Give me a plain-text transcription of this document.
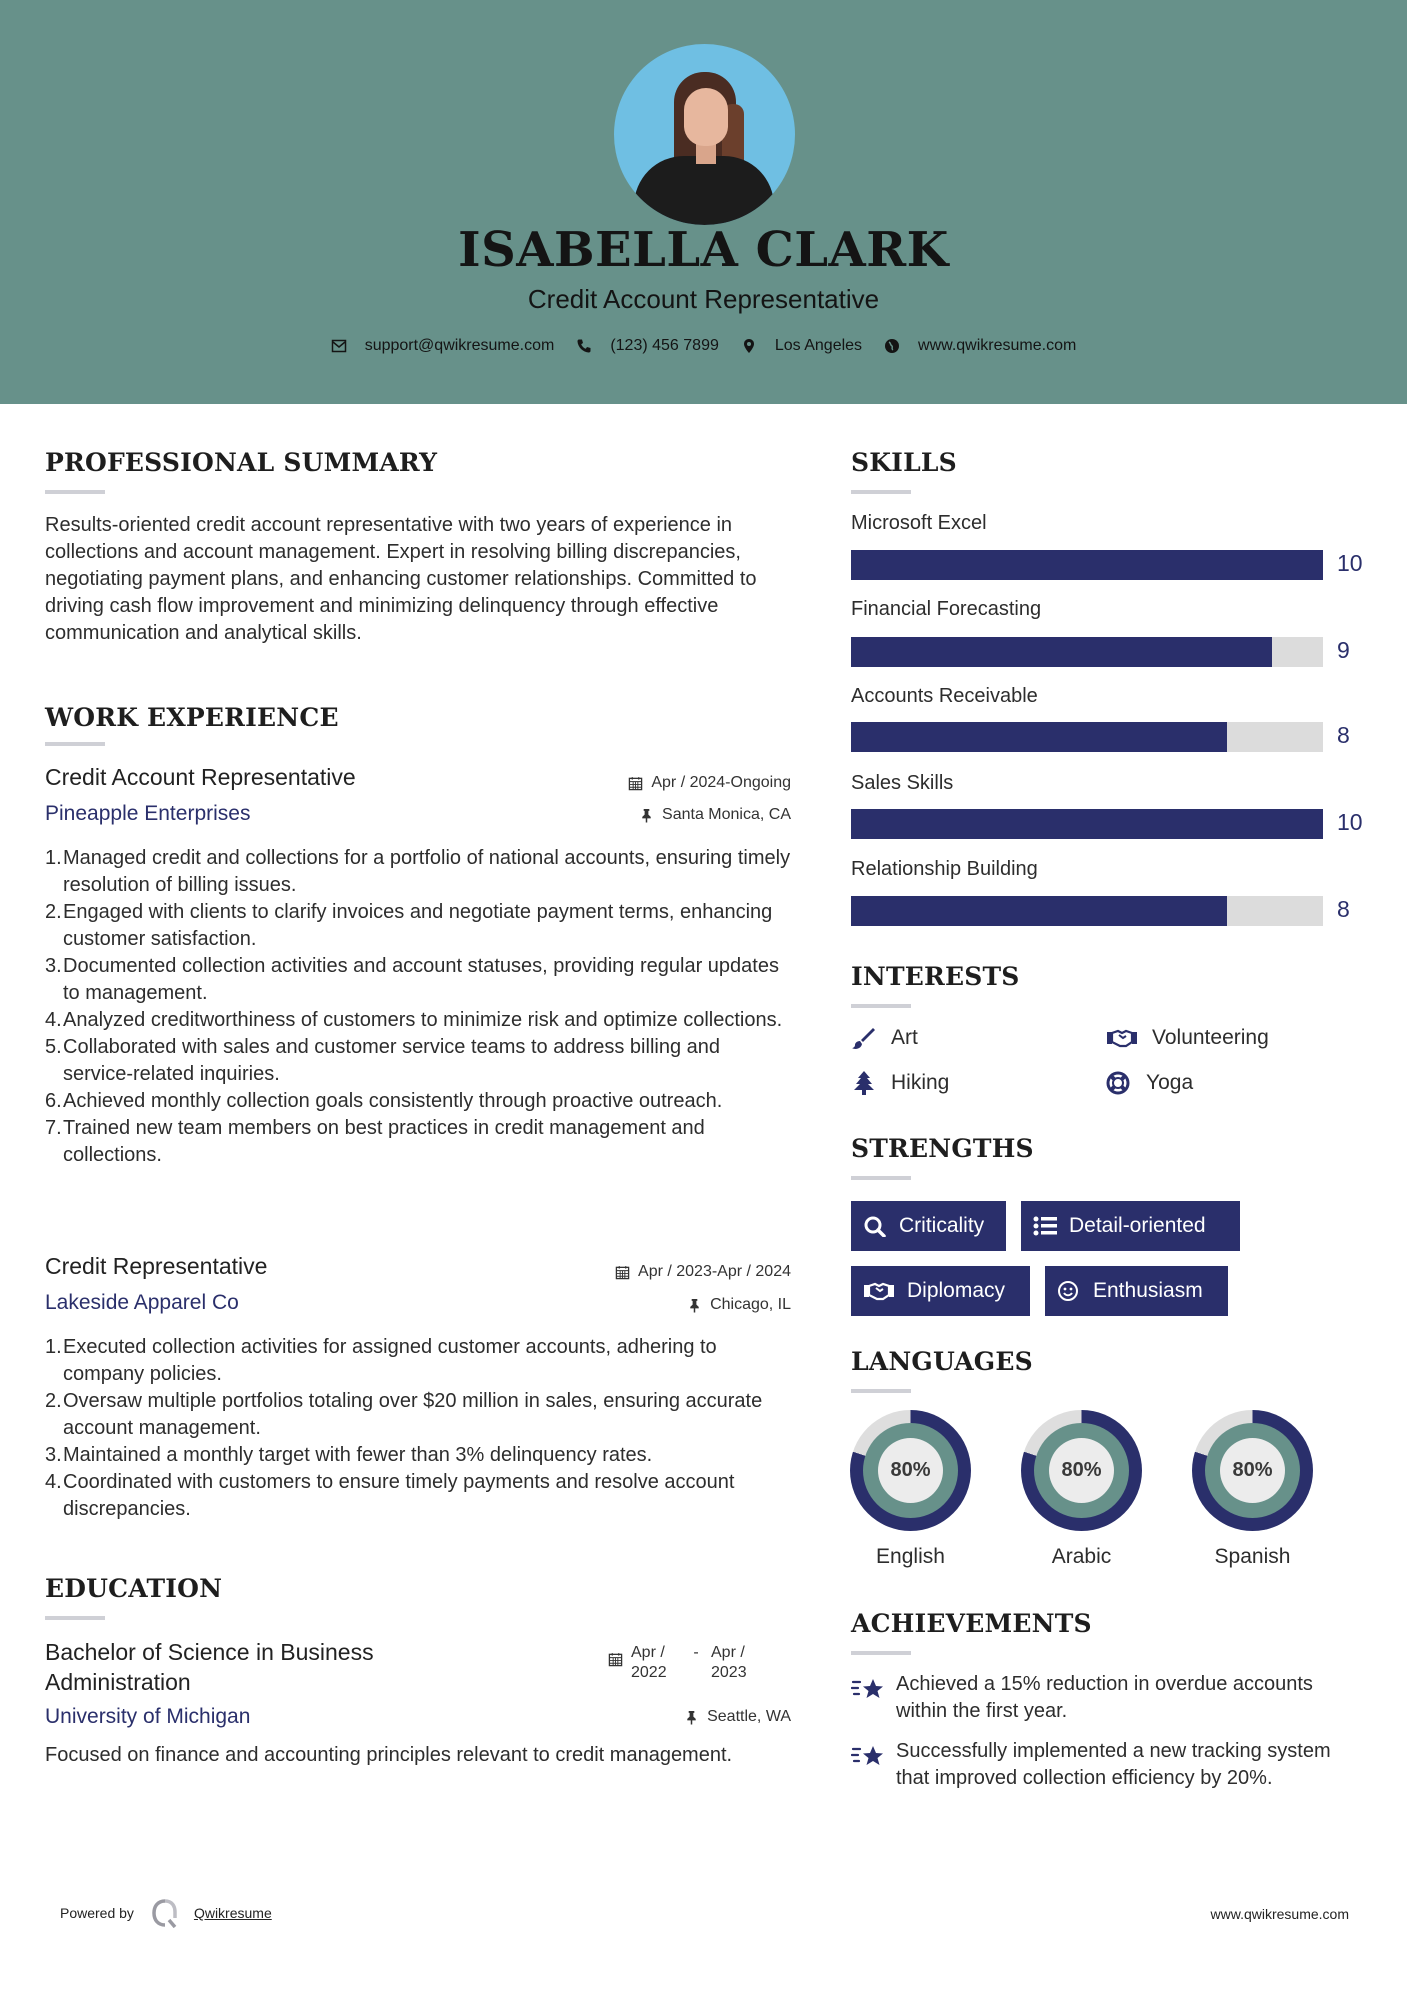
ISABELLA CLARK
Credit Account Representative
support@qwikresume.com	(123) 456 7899	Los Angeles	www.qwikresume.com
PROFESSIONAL SUMMARY
Results-oriented credit account representative with two years of experience in collections and account management. Expert in resolving billing discrepancies, negotiating payment plans, and enhancing customer relationships. Committed to driving cash flow improvement and minimizing delinquency through effective communication and analytical skills.
WORK EXPERIENCE
Credit Account Representative	Apr / 2024-Ongoing
Pineapple Enterprises	Santa Monica, CA
1. Managed credit and collections for a portfolio of national accounts, ensuring timely resolution of billing issues.
2. Engaged with clients to clarify invoices and negotiate payment terms, enhancing customer satisfaction.
3. Documented collection activities and account statuses, providing regular updates to management.
4. Analyzed creditworthiness of customers to minimize risk and optimize collections.
5. Collaborated with sales and customer service teams to address billing and service-related inquiries.
6. Achieved monthly collection goals consistently through proactive outreach.
7. Trained new team members on best practices in credit management and collections.
Credit Representative	Apr / 2023-Apr / 2024
Lakeside Apparel Co	Chicago, IL
1. Executed collection activities for assigned customer accounts, adhering to company policies.
2. Oversaw multiple portfolios totaling over $20 million in sales, ensuring accurate account management.
3. Maintained a monthly target with fewer than 3% delinquency rates.
4. Coordinated with customers to ensure timely payments and resolve account discrepancies.
EDUCATION
Bachelor of Science in Business Administration
Apr / 2022
- Apr / 2023
University of Michigan	Seattle, WA
Focused on finance and accounting principles relevant to credit management.
SKILLS
Microsoft Excel
10
Financial Forecasting
9
Accounts Receivable
8
Sales Skills
10
Relationship Building
8
INTERESTS
Art	Volunteering
Hiking	Yoga
STRENGTHS
Criticality	Detail-oriented
Diplomacy	Enthusiasm
LANGUAGES
80%
English
80%
Arabic
80%
Spanish
ACHIEVEMENTS
Achieved a 15% reduction in overdue accounts within the first year.
Successfully implemented a new tracking system that improved collection efficiency by 20%.
Powered by	Qwikresume	www.qwikresume.com
